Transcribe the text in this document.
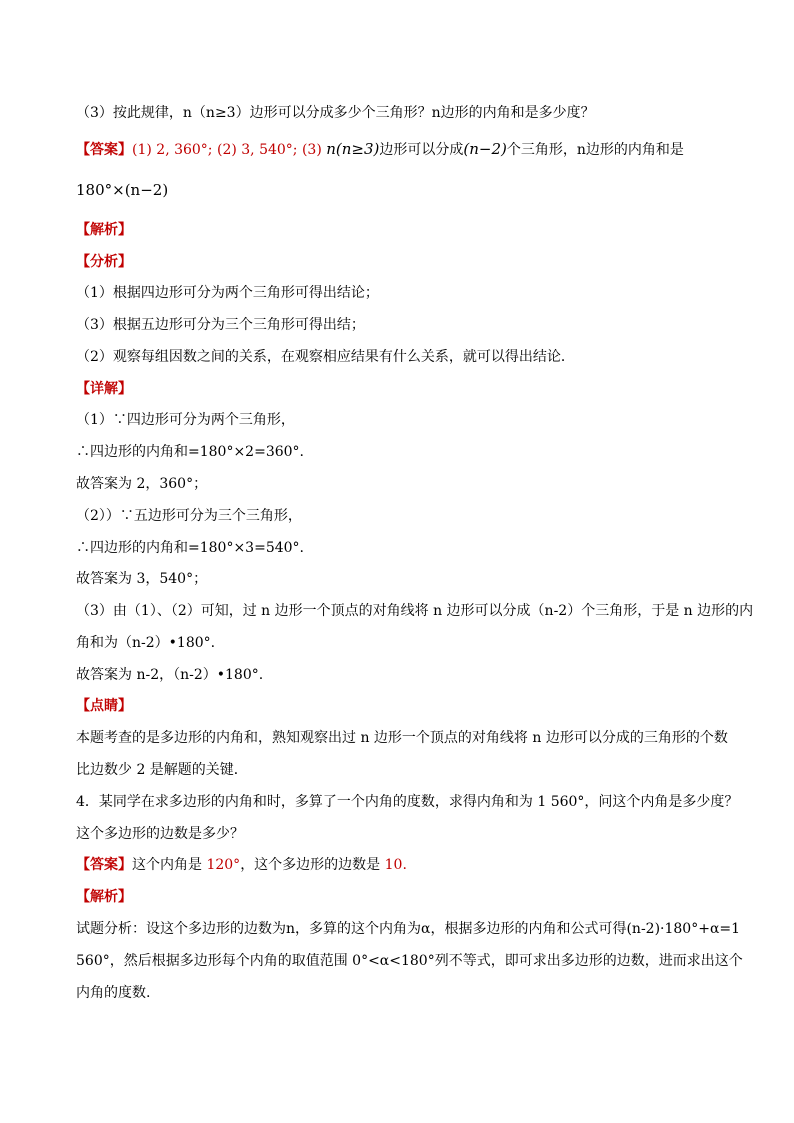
（3）按此规律，n（n≥3）边形可以分成多少个三角形？n边形的内角和是多少度？
【答案】(1) 2, 360°; (2) 3, 540°; (3) n(n≥3)边形可以分成(n−2)个三角形，n边形的内角和是
180°×(n−2)
【解析】
【分析】
（1）根据四边形可分为两个三角形可得出结论；
（3）根据五边形可分为三个三角形可得出结；
（2）观察每组因数之间的关系，在观察相应结果有什么关系，就可以得出结论．
【详解】
（1）∵四边形可分为两个三角形，
∴四边形的内角和=180°×2=360°.
故答案为 2，360°；
（2））∵五边形可分为三个三角形，
∴四边形的内角和=180°×3=540°.
故答案为 3，540°；
（3）由（1）、（2）可知，过 n 边形一个顶点的对角线将 n 边形可以分成（n-2）个三角形，于是 n 边形的内
角和为（n-2）•180°.
故答案为 n-2，（n-2）•180°.
【点睛】
本题考查的是多边形的内角和，熟知观察出过 n 边形一个顶点的对角线将 n 边形可以分成的三角形的个数
比边数少 2 是解题的关键．
4．某同学在求多边形的内角和时，多算了一个内角的度数，求得内角和为 1 560°，问这个内角是多少度？
这个多边形的边数是多少？
【答案】这个内角是 120°，这个多边形的边数是 10.
【解析】
试题分析：设这个多边形的边数为n，多算的这个内角为α，根据多边形的内角和公式可得(n-2)·180°+α=1
560°，然后根据多边形每个内角的取值范围 0°<α<180°列不等式，即可求出多边形的边数，进而求出这个
内角的度数.
